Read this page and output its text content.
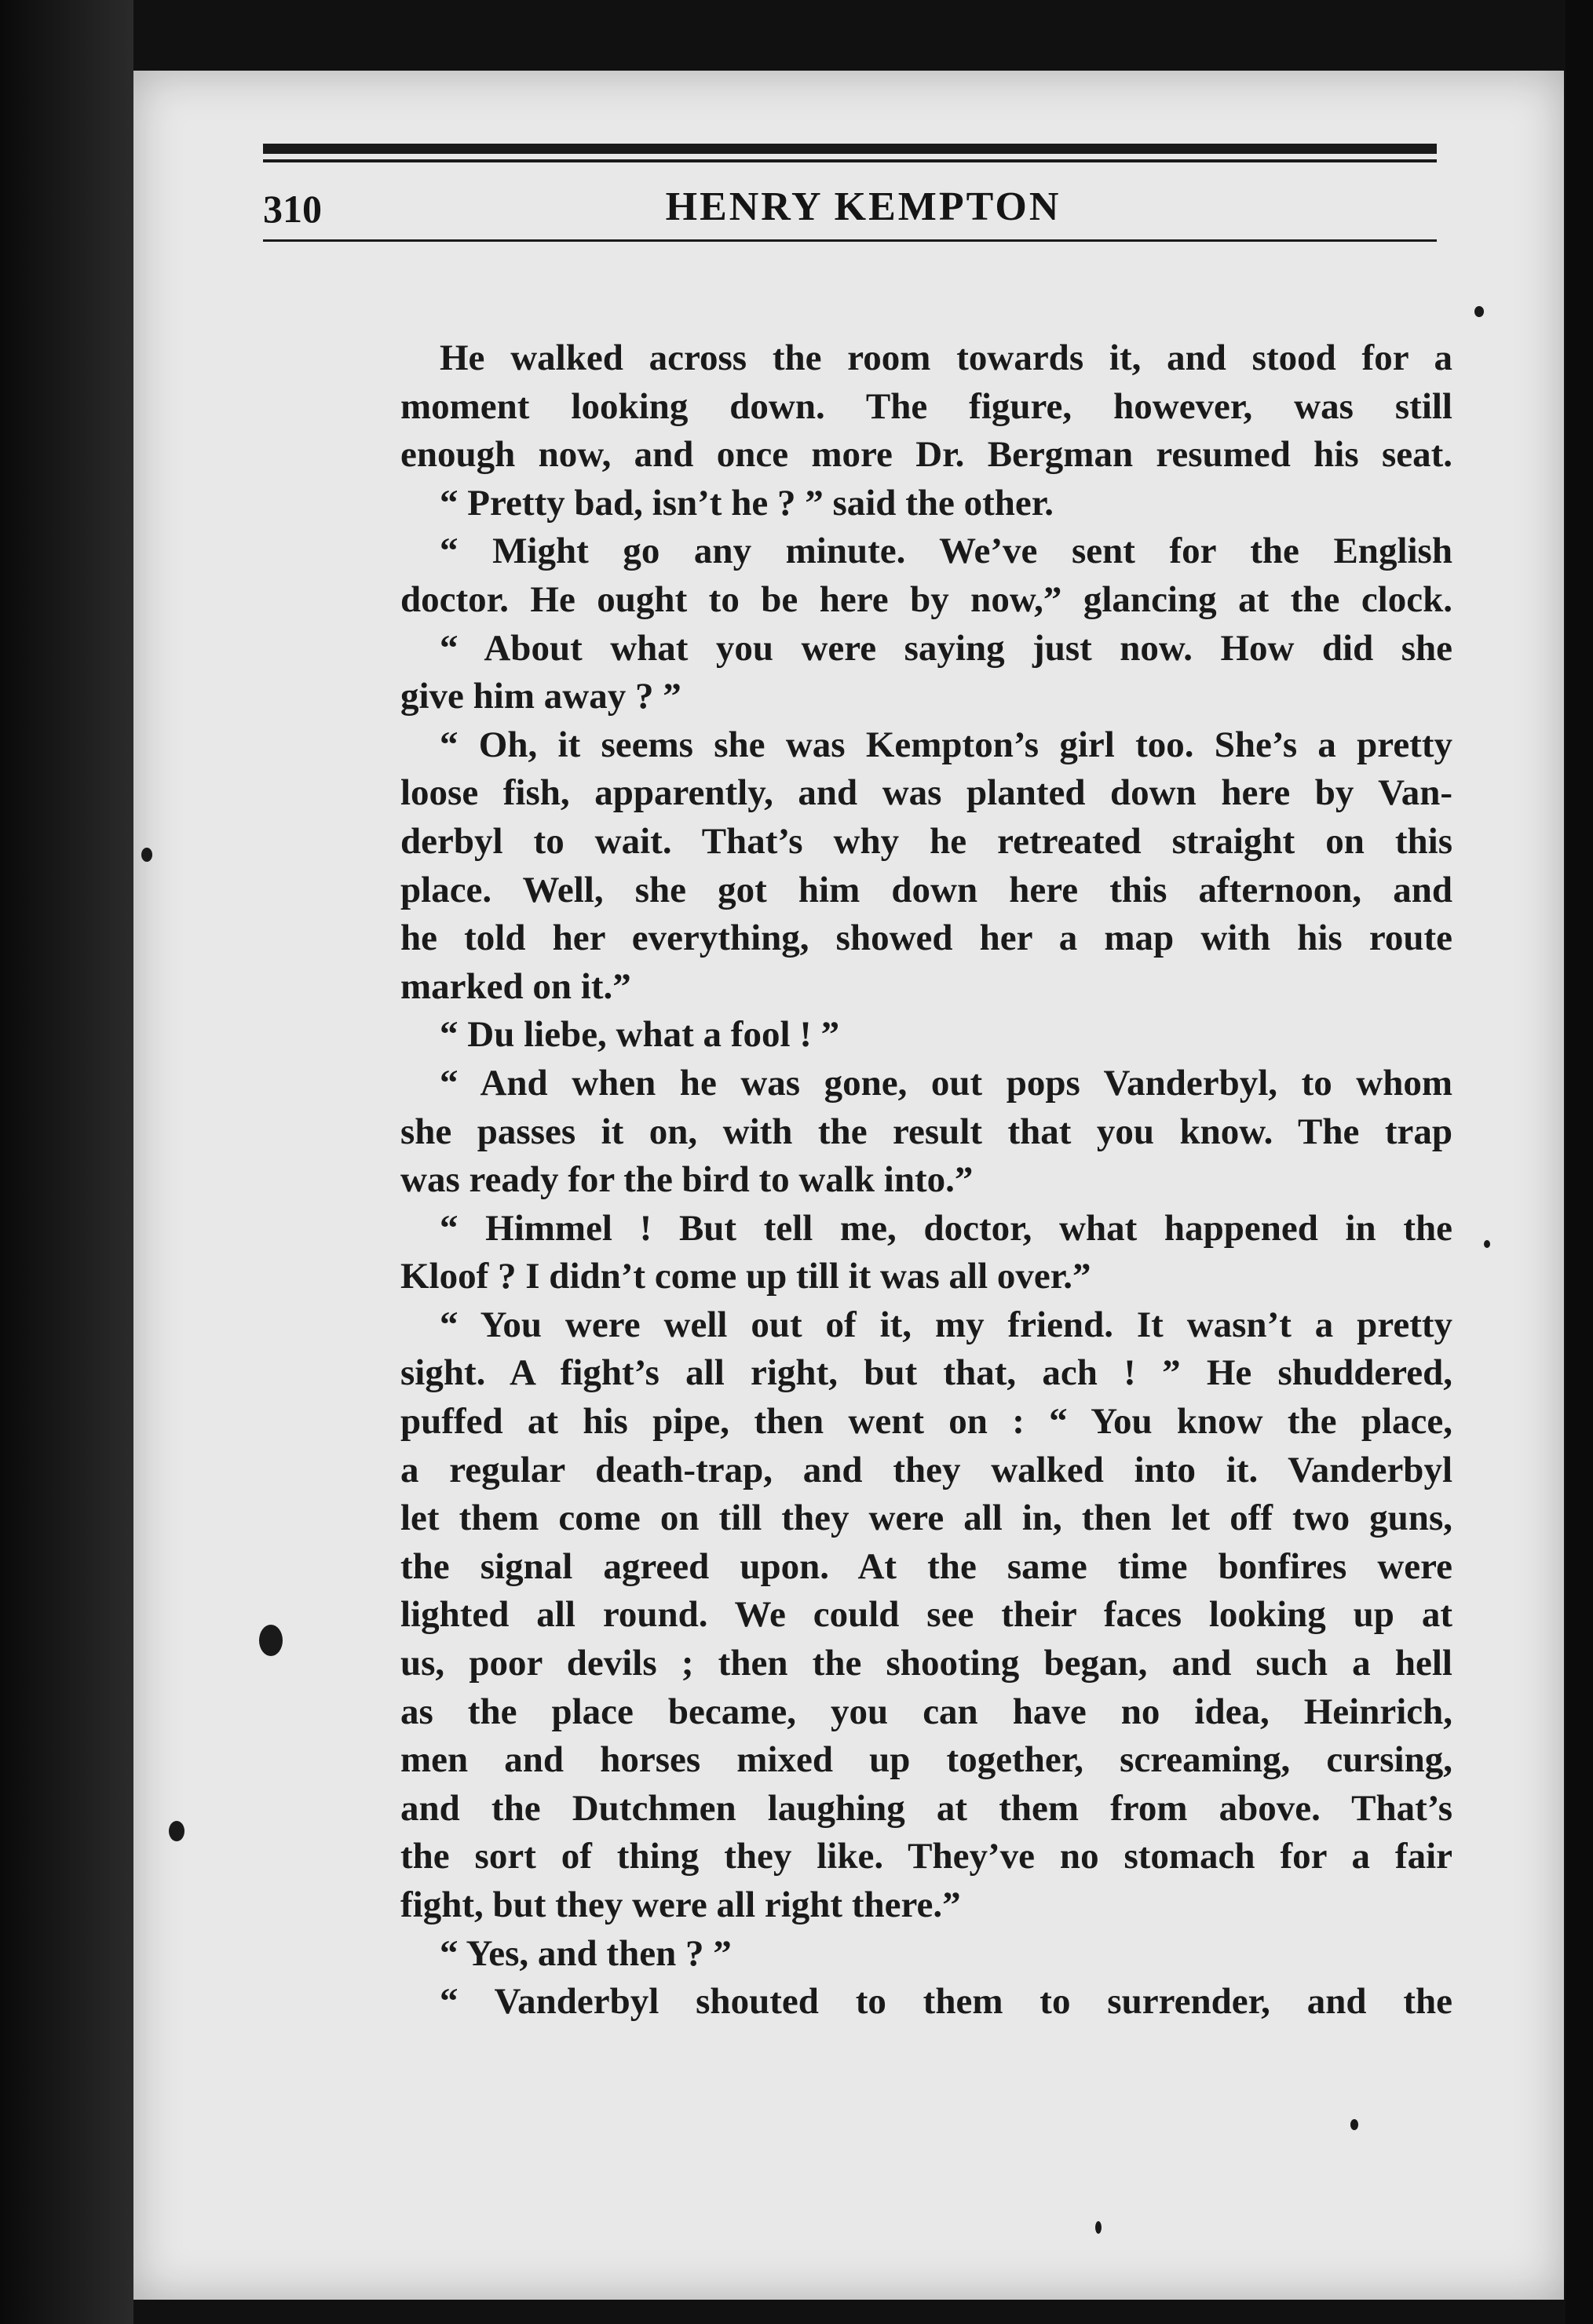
310	HENRY KEMPTON
He walked across the room towards it, and stood for a
moment looking down. The figure, however, was still
enough now, and once more Dr. Bergman resumed his seat.
“ Pretty bad, isn’t he ? ” said the other.
“ Might go any minute. We’ve sent for the English
doctor. He ought to be here by now,” glancing at the clock.
“ About what you were saying just now. How did she
give him away ? ”
“ Oh, it seems she was Kempton’s girl too. She’s a pretty
loose fish, apparently, and was planted down here by Van-
derbyl to wait. That’s why he retreated straight on this
place. Well, she got him down here this afternoon, and
he told her everything, showed her a map with his route
marked on it.”
“ Du liebe, what a fool ! ”
“ And when he was gone, out pops Vanderbyl, to whom
she passes it on, with the result that you know. The trap
was ready for the bird to walk into.”
“ Himmel ! But tell me, doctor, what happened in the
Kloof ? I didn’t come up till it was all over.”
“ You were well out of it, my friend. It wasn’t a pretty
sight. A fight’s all right, but that, ach ! ” He shuddered,
puffed at his pipe, then went on : “ You know the place,
a regular death-trap, and they walked into it. Vanderbyl
let them come on till they were all in, then let off two guns,
the signal agreed upon. At the same time bonfires were
lighted all round. We could see their faces looking up at
us, poor devils ; then the shooting began, and such a hell
as the place became, you can have no idea, Heinrich,
men and horses mixed up together, screaming, cursing,
and the Dutchmen laughing at them from above. That’s
the sort of thing they like. They’ve no stomach for a fair
fight, but they were all right there.”
“ Yes, and then ? ”
“ Vanderbyl shouted to them to surrender, and the
